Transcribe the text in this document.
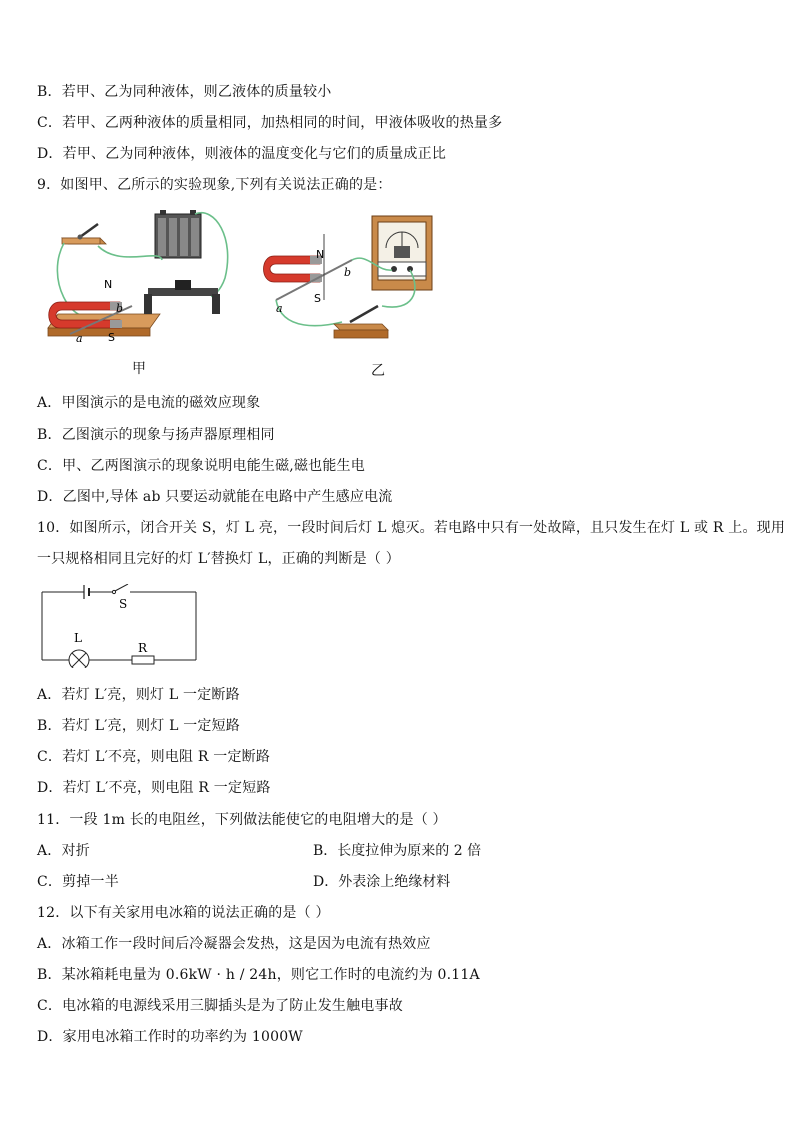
B．若甲、乙为同种液体，则乙液体的质量较小
C．若甲、乙两种液体的质量相同，加热相同的时间，甲液体吸收的热量多
D．若甲、乙为同种液体，则液体的温度变化与它们的质量成正比
9．如图甲、乙所示的实验现象,下列有关说法正确的是：
N
S
a
b
甲
N
S
a
b
乙
A．甲图演示的是电流的磁效应现象
B．乙图演示的现象与扬声器原理相同
C．甲、乙两图演示的现象说明电能生磁,磁也能生电
D．乙图中,导体 ab 只要运动就能在电路中产生感应电流
10．如图所示，闭合开关 S，灯 L 亮，一段时间后灯 L 熄灭。若电路中只有一处故障，且只发生在灯 L 或 R 上。现用
一只规格相同且完好的灯 L′替换灯 L，正确的判断是（ ）
S
L
R
A．若灯 L′亮，则灯 L 一定断路
B．若灯 L′亮，则灯 L 一定短路
C．若灯 L′不亮，则电阻 R 一定断路
D．若灯 L′不亮，则电阻 R 一定短路
11．一段 1m 长的电阻丝，下列做法能使它的电阻增大的是（ ）
A．对折	B．长度拉伸为原来的 2 倍
C．剪掉一半	D．外表涂上绝缘材料
12．以下有关家用电冰箱的说法正确的是（ ）
A．冰箱工作一段时间后冷凝器会发热，这是因为电流有热效应
B．某冰箱耗电量为 0.6kW · h / 24h，则它工作时的电流约为 0.11A
C．电冰箱的电源线采用三脚插头是为了防止发生触电事故
D．家用电冰箱工作时的功率约为 1000W
